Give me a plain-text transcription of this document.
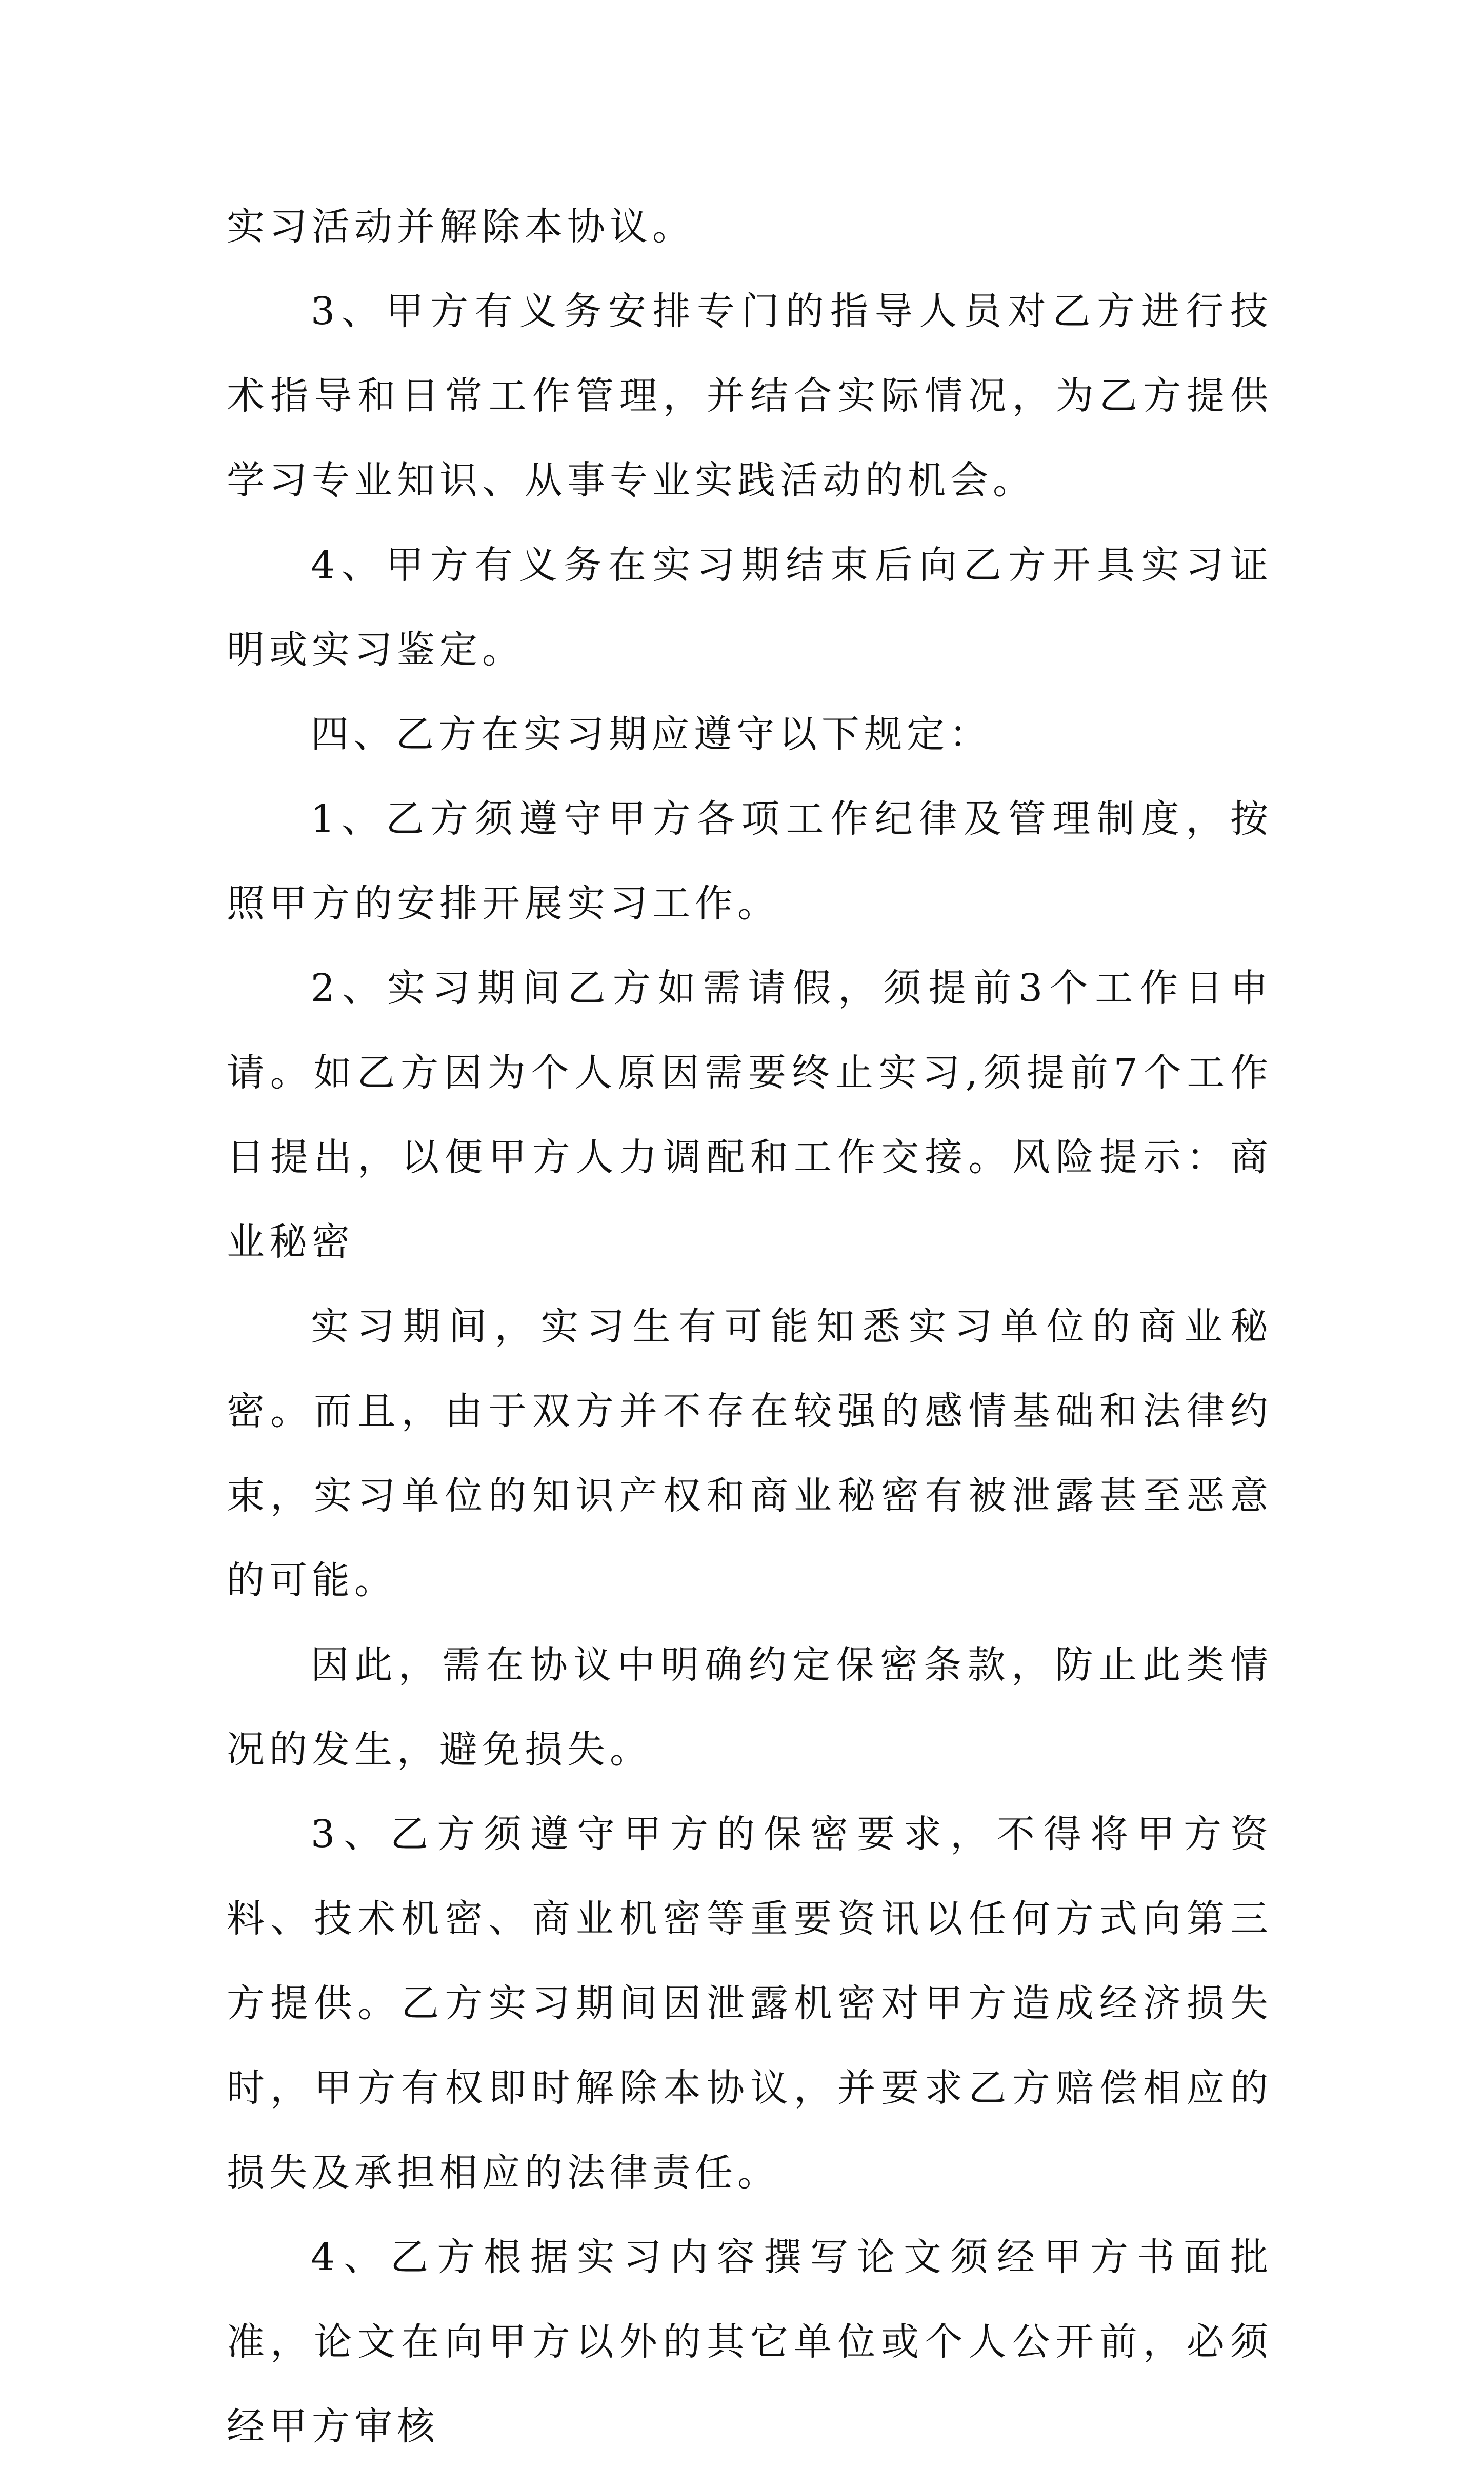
实习活动并解除本协议。

3、甲方有义务安排专门的指导人员对乙方进行技术指导和日常工作管理，并结合实际情况，为乙方提供学习专业知识、从事专业实践活动的机会。

4、甲方有义务在实习期结束后向乙方开具实习证明或实习鉴定。

四、乙方在实习期应遵守以下规定：

1、乙方须遵守甲方各项工作纪律及管理制度，按照甲方的安排开展实习工作。

2、实习期间乙方如需请假，须提前3个工作日申请。如乙方因为个人原因需要终止实习,须提前7个工作日提出，以便甲方人力调配和工作交接。风险提示：商业秘密

实习期间，实习生有可能知悉实习单位的商业秘密。而且，由于双方并不存在较强的感情基础和法律约束，实习单位的知识产权和商业秘密有被泄露甚至恶意的可能。

因此，需在协议中明确约定保密条款，防止此类情况的发生，避免损失。

3、乙方须遵守甲方的保密要求，不得将甲方资料、技术机密、商业机密等重要资讯以任何方式向第三方提供。乙方实习期间因泄露机密对甲方造成经济损失时，甲方有权即时解除本协议，并要求乙方赔偿相应的损失及承担相应的法律责任。

4、乙方根据实习内容撰写论文须经甲方书面批准，论文在向甲方以外的其它单位或个人公开前，必须经甲方审核
